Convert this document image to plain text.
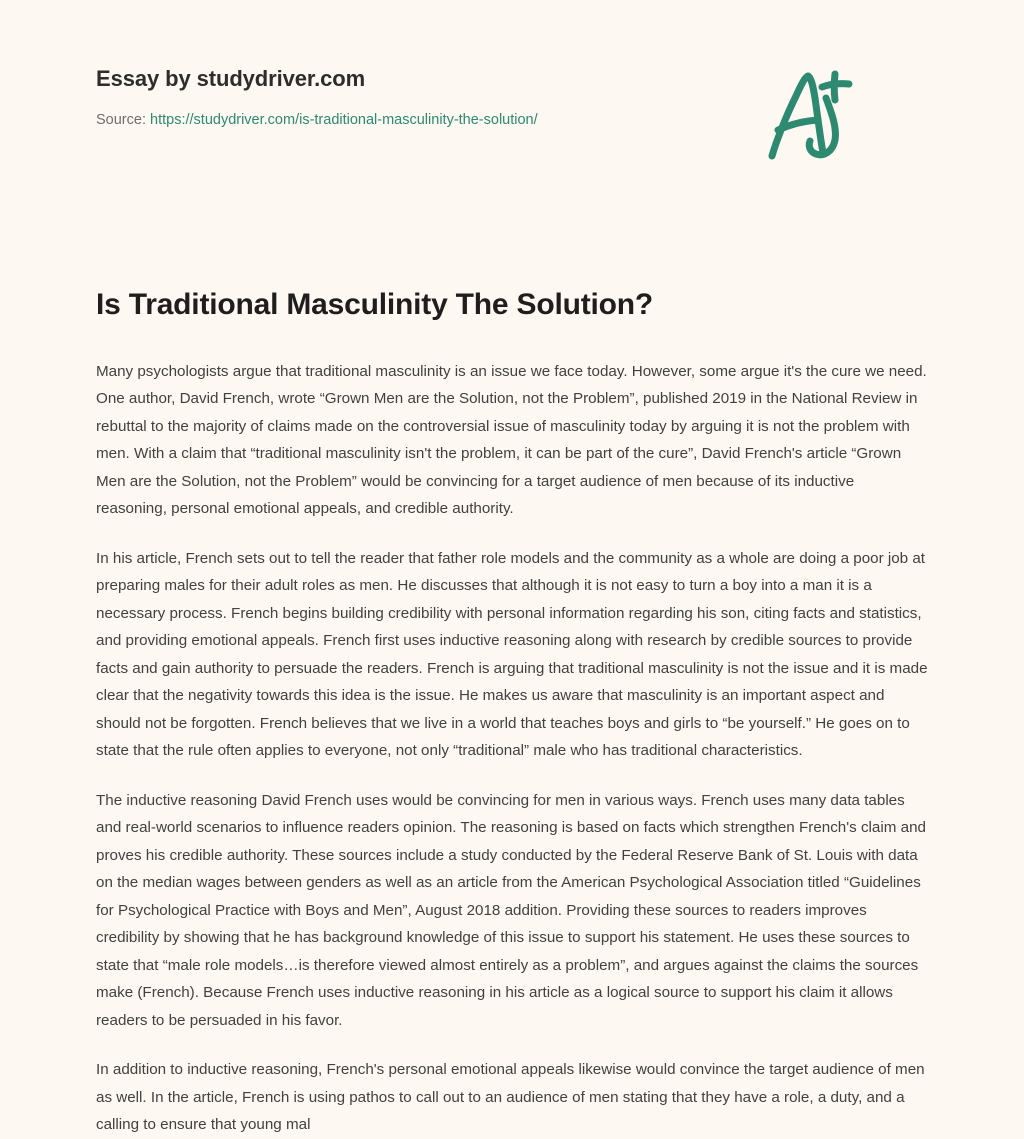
Essay by studydriver.com
Source: https://studydriver.com/is-traditional-masculinity-the-solution/
Is Traditional Masculinity The Solution?

Many psychologists argue that traditional masculinity is an issue we face today. However, some argue it's the cure we need. One author, David French, wrote “Grown Men are the Solution, not the Problem”, published 2019 in the National Review in rebuttal to the majority of claims made on the controversial issue of masculinity today by arguing it is not the problem with men. With a claim that “traditional masculinity isn't the problem, it can be part of the cure”, David French's article “Grown Men are the Solution, not the Problem” would be convincing for a target audience of men because of its inductive reasoning, personal emotional appeals, and credible authority.

In his article, French sets out to tell the reader that father role models and the community as a whole are doing a poor job at preparing males for their adult roles as men. He discusses that although it is not easy to turn a boy into a man it is a necessary process. French begins building credibility with personal information regarding his son, citing facts and statistics, and providing emotional appeals. French first uses inductive reasoning along with research by credible sources to provide facts and gain authority to persuade the readers. French is arguing that traditional masculinity is not the issue and it is made clear that the negativity towards this idea is the issue. He makes us aware that masculinity is an important aspect and should not be forgotten. French believes that we live in a world that teaches boys and girls to “be yourself.” He goes on to state that the rule often applies to everyone, not only “traditional” male who has traditional characteristics.

The inductive reasoning David French uses would be convincing for men in various ways. French uses many data tables and real-world scenarios to influence readers opinion. The reasoning is based on facts which strengthen French's claim and proves his credible authority. These sources include a study conducted by the Federal Reserve Bank of St. Louis with data on the median wages between genders as well as an article from the American Psychological Association titled “Guidelines for Psychological Practice with Boys and Men”, August 2018 addition. Providing these sources to readers improves credibility by showing that he has background knowledge of this issue to support his statement. He uses these sources to state that “male role models…is therefore viewed almost entirely as a problem”, and argues against the claims the sources make (French). Because French uses inductive reasoning in his article as a logical source to support his claim it allows readers to be persuaded in his favor.

In addition to inductive reasoning, French's personal emotional appeals likewise would convince the target audience of men as well. In the article, French is using pathos to call out to an audience of men stating that they have a role, a duty, and a calling to ensure that young mal
